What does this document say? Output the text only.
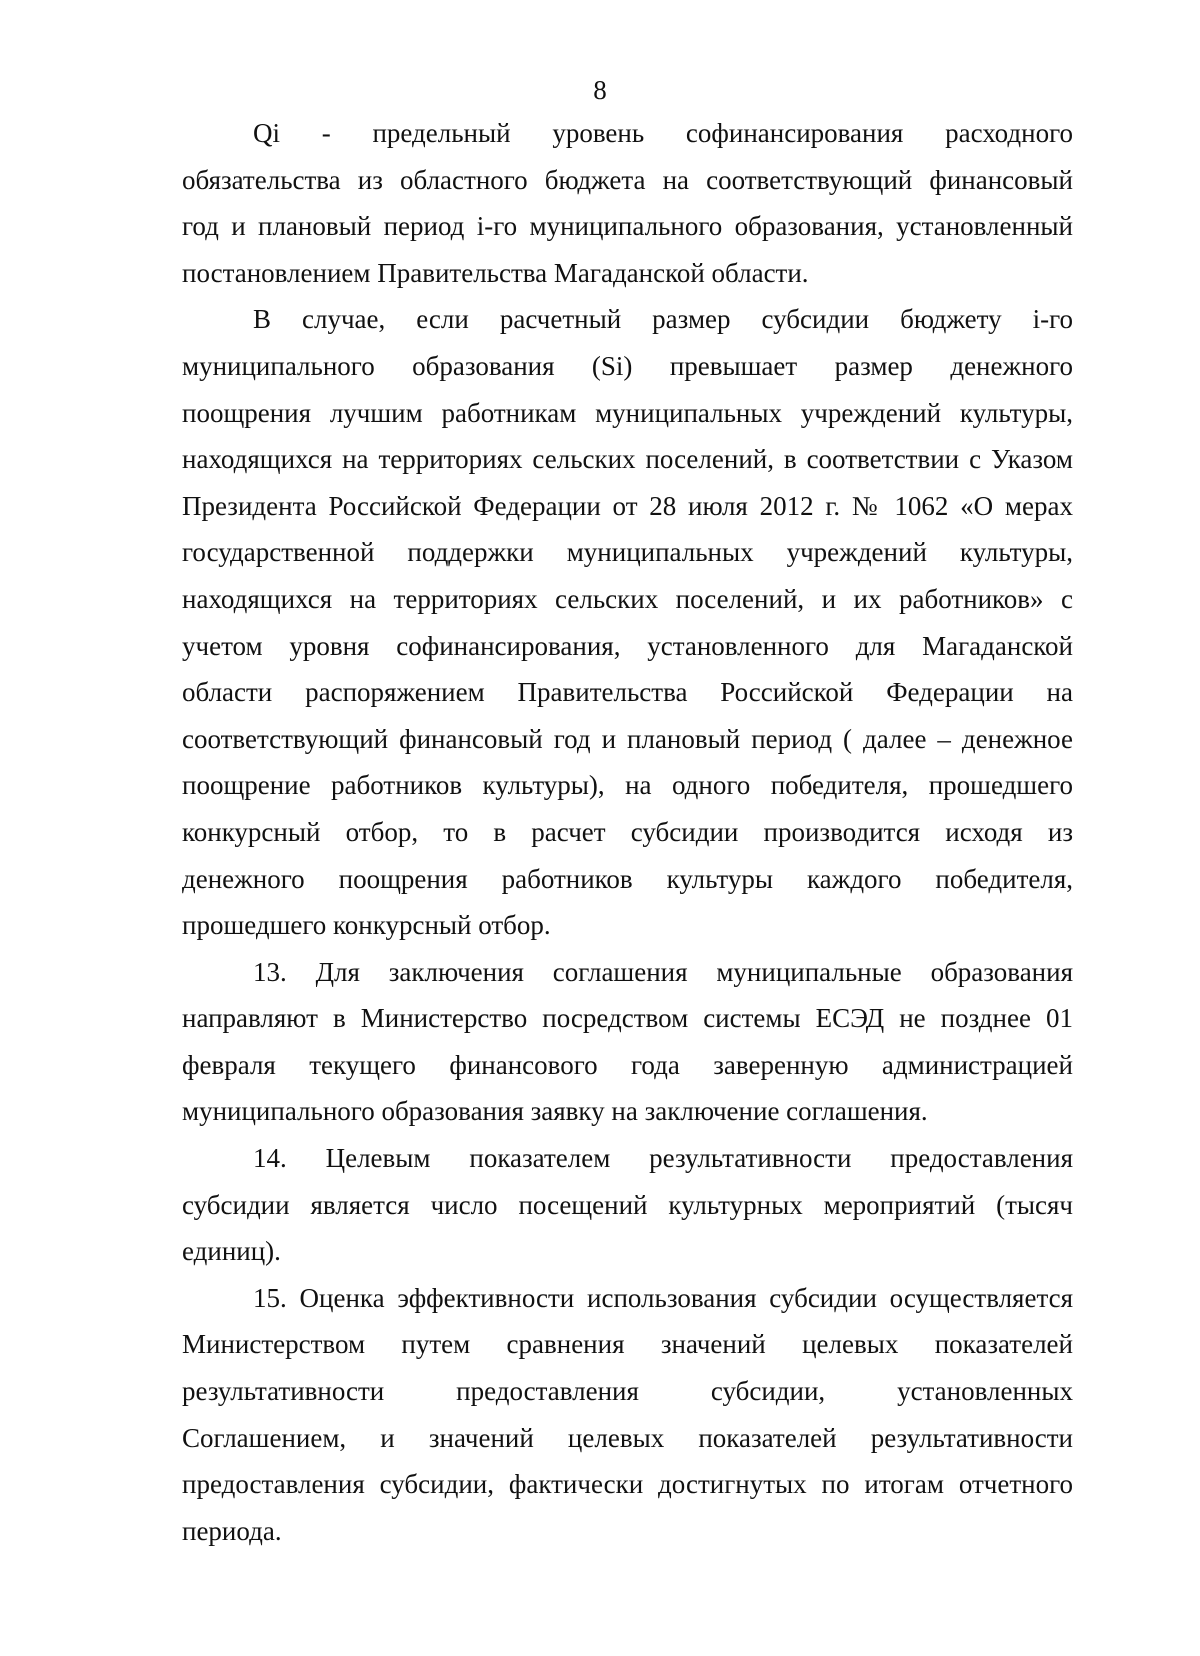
8
Qi - предельный уровень софинансирования расходного
обязательства из областного бюджета на соответствующий финансовый
год и плановый период i-го муниципального образования, установленный
постановлением Правительства Магаданской области.
В случае, если расчетный размер субсидии бюджету i-го
муниципального образования (Si) превышает размер денежного
поощрения лучшим работникам муниципальных учреждений культуры,
находящихся на территориях сельских поселений, в соответствии с Указом
Президента Российской Федерации от 28 июля 2012 г. № 1062 «О мерах
государственной поддержки муниципальных учреждений культуры,
находящихся на территориях сельских поселений, и их работников» с
учетом уровня софинансирования, установленного для Магаданской
области распоряжением Правительства Российской Федерации на
соответствующий финансовый год и плановый период ( далее – денежное
поощрение работников культуры), на одного победителя, прошедшего
конкурсный отбор, то в расчет субсидии производится исходя из
денежного поощрения работников культуры каждого победителя,
прошедшего конкурсный отбор.
13. Для заключения соглашения муниципальные образования
направляют в Министерство посредством системы ЕСЭД не позднее 01
февраля текущего финансового года заверенную администрацией
муниципального образования заявку на заключение соглашения.
14. Целевым показателем результативности предоставления
субсидии является число посещений культурных мероприятий (тысяч
единиц).
15. Оценка эффективности использования субсидии осуществляется
Министерством путем сравнения значений целевых показателей
результативности предоставления субсидии, установленных
Соглашением, и значений целевых показателей результативности
предоставления субсидии, фактически достигнутых по итогам отчетного
периода.
